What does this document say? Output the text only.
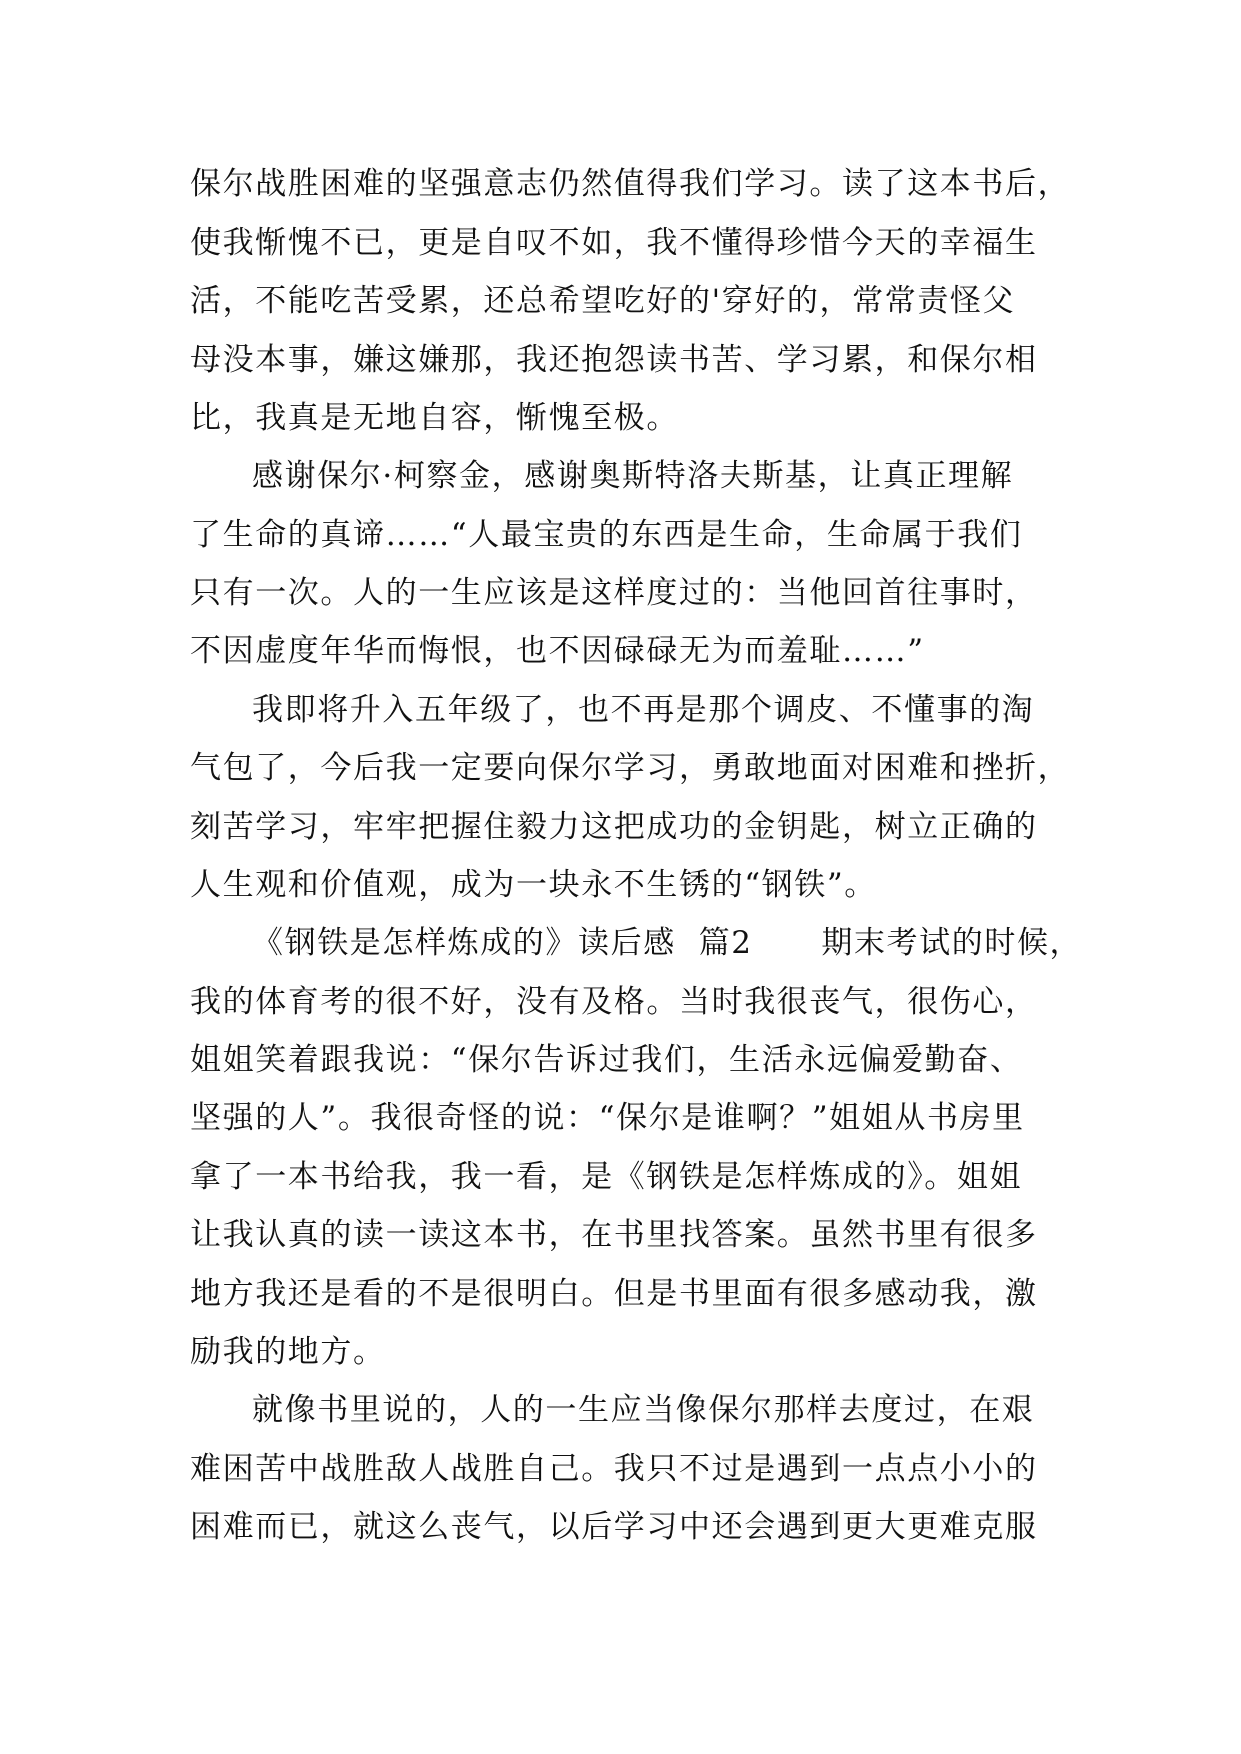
保尔战胜困难的坚强意志仍然值得我们学习。读了这本书后，
使我惭愧不已，更是自叹不如，我不懂得珍惜今天的幸福生
活，不能吃苦受累，还总希望吃好的'穿好的，常常责怪父
母没本事，嫌这嫌那，我还抱怨读书苦、学习累，和保尔相
比，我真是无地自容，惭愧至极。
感谢保尔·柯察金，感谢奥斯特洛夫斯基，让真正理解
了生命的真谛……“人最宝贵的东西是生命，生命属于我们
只有一次。人的一生应该是这样度过的：当他回首往事时，
不因虚度年华而悔恨，也不因碌碌无为而羞耻……”
我即将升入五年级了，也不再是那个调皮、不懂事的淘
气包了，今后我一定要向保尔学习，勇敢地面对困难和挫折，
刻苦学习，牢牢把握住毅力这把成功的金钥匙，树立正确的
人生观和价值观，成为一块永不生锈的“钢铁”。
《钢铁是怎样炼成的》读后感  篇2      期末考试的时候，
我的体育考的很不好，没有及格。当时我很丧气，很伤心，
姐姐笑着跟我说：“保尔告诉过我们，生活永远偏爱勤奋、
坚强的人”。我很奇怪的说：“保尔是谁啊？”姐姐从书房里
拿了一本书给我，我一看，是《钢铁是怎样炼成的》。姐姐
让我认真的读一读这本书，在书里找答案。虽然书里有很多
地方我还是看的不是很明白。但是书里面有很多感动我，激
励我的地方。
就像书里说的，人的一生应当像保尔那样去度过，在艰
难困苦中战胜敌人战胜自己。我只不过是遇到一点点小小的
困难而已，就这么丧气，以后学习中还会遇到更大更难克服
